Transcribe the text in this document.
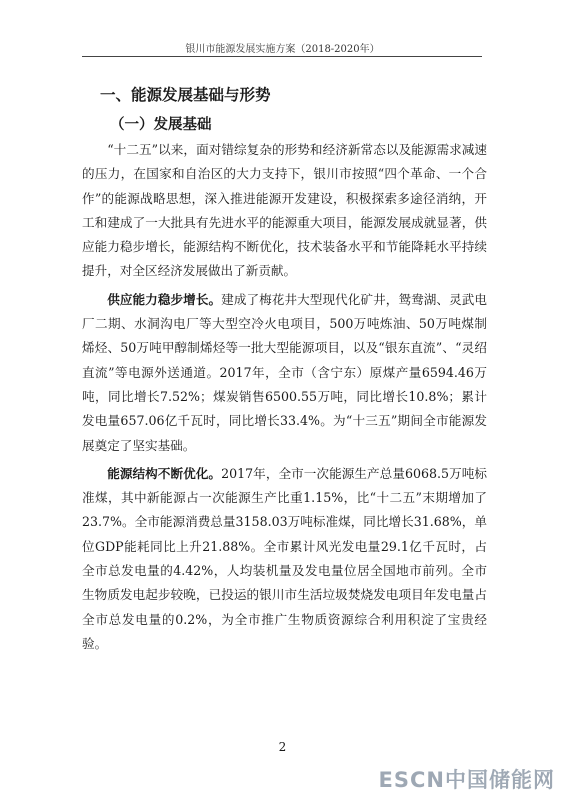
银川市能源发展实施方案（2018-2020年）
一、能源发展基础与形势
（一）发展基础

“十二五”以来，面对错综复杂的形势和经济新常态以及能源需求减速的压力，在国家和自治区的大力支持下，银川市按照“四个革命、一个合作”的能源战略思想，深入推进能源开发建设，积极探索多途径消纳，开工和建成了一大批具有先进水平的能源重大项目，能源发展成就显著，供应能力稳步增长，能源结构不断优化，技术装备水平和节能降耗水平持续提升，对全区经济发展做出了新贡献。

供应能力稳步增长。建成了梅花井大型现代化矿井，鸳鸯湖、灵武电厂二期、水洞沟电厂等大型空冷火电项目，500万吨炼油、50万吨煤制烯烃、50万吨甲醇制烯烃等一批大型能源项目，以及“银东直流”、“灵绍直流”等电源外送通道。2017年，全市（含宁东）原煤产量6594.46万吨，同比增长7.52%；煤炭销售6500.55万吨，同比增长10.8%；累计发电量657.06亿千瓦时，同比增长33.4%。为“十三五”期间全市能源发展奠定了坚实基础。

能源结构不断优化。2017年，全市一次能源生产总量6068.5万吨标准煤，其中新能源占一次能源生产比重1.15%，比“十二五”末期增加了23.7%。全市能源消费总量3158.03万吨标准煤，同比增长31.68%，单位GDP能耗同比上升21.88%。全市累计风光发电量29.1亿千瓦时，占全市总发电量的4.42%，人均装机量及发电量位居全国地市前列。全市生物质发电起步较晚，已投运的银川市生活垃圾焚烧发电项目年发电量占全市总发电量的0.2%，为全市推广生物质资源综合利用积淀了宝贵经验。

2
ESCN中国储能网
